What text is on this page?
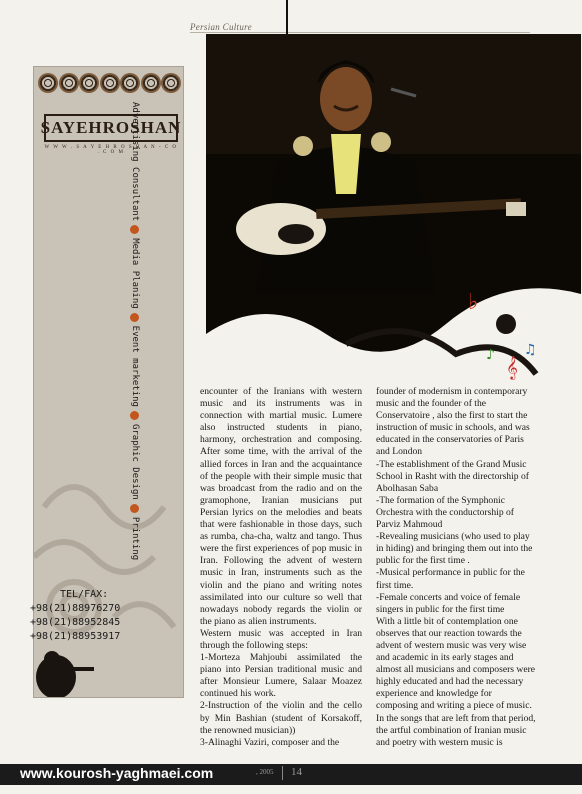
Persian Culture
SAYEHROSHAN
W W W . S A Y E H R O S H A N - C O . C O M Advertising Consultant
Media Planing
Event marketing
Graphic Design
Printing
TEL/FAX:
+98(21)88976270
+98(21)88952845
+98(21)88953917
♭
𝄞
♪ ♫

encounter of the Iranians with western music and its instruments was in connection with martial music. Lumere also instructed students in piano, harmony, orchestration and composing. After some time, with the arrival of the allied forces in Iran and the acquaintance of the people with their simple music that was broadcast from the radio and on the gramophone, Iranian musicians put Persian lyrics on the melodies and beats that were fashionable in those days, such as rumba, cha-cha, waltz and tango. Thus were the first experiences of pop music in Iran. Following the advent of western music in Iran, instruments such as the violin and the piano and writing notes assimilated into our culture so well that nowadays nobody regards the violin or the piano as alien instruments.

Western music was accepted in Iran through the following steps:

1-Morteza Mahjoubi assimilated the piano into Persian traditional music and after Monsieur Lumere, Salaar Moazez continued his work.

2-Instruction of the violin and the cello by Min Bashian (student of Korsakoff, the renowned musician))

3-Alinaghi Vaziri, composer and the

founder of modernism in contemporary music and the founder of the

Conservatoire , also the first to start the instruction of music in schools, and was educated in the conservatories of Paris and London

-The establishment of the Grand Music School in Rasht with the directorship of Abolhasan Saba

-The formation of the Symphonic Orchestra with the conductorship of Parviz Mahmoud

-Revealing musicians (who used to play in hiding) and bringing them out into the public for the first time .

-Musical performance in public for the first time.

-Female concerts and voice of female singers in public for the first time

With a little bit of contemplation one observes that our reaction towards the advent of western music was very wise and academic in its early stages and almost all musicians and composers were highly educated and had the necessary experience and knowledge for composing and writing a piece of music. In the songs that are left from that period, the artful combination of Iranian music and poetry with western music is

www.kourosh-yaghmaei.com	, 2005 14
